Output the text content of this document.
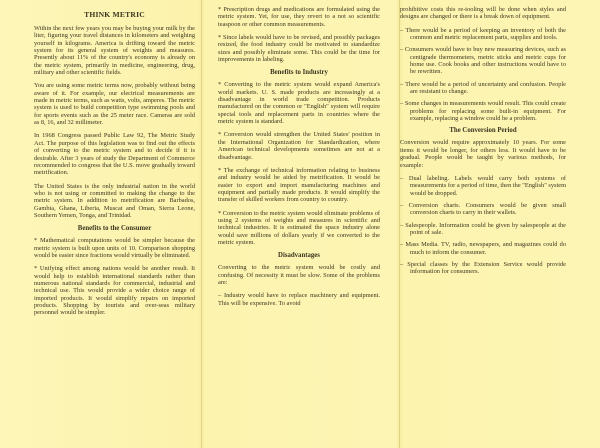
THINK METRIC

Within the next few years you may be buying your milk by the liter, figuring your travel distances in kilometers and weighing yourself in kilograms. America is drifting toward the metric system for its general system of weights and measures. Presently about 11% of the country's economy is already on the metric system, primarily in medicine, engineering, drug, military and other scientific fields.

You are using some metric terms now, probably without being aware of it. For example, our electrical measurements are made in metric terms, such as watts, volts, amperes. The metric system is used to build competition type swimming pools and for sports events such as the 25 meter race. Cameras are sold as 8, 16, and 32 millimeter.

In 1968 Congress passed Public Law 92, The Metric Study Act. The purpose of this legislation was to find out the effects of converting to the metric system and to decide if it is desirable. After 3 years of study the Department of Commerce recommended to congress that the U.S. move gradually toward metrification.

The United States is the only industrial nation in the world who is not using or committed to making the change to the metric system. In addition to metrification are Barbados, Gambia, Ghana, Liberia, Muscat and Oman, Sierra Leone, Southern Yemen, Tonga, and Trinidad.

Benefits to the Consumer

* Mathematical computations would be simpler because the metric system is built upon units of 10. Comparison shopping would be easier since fractions would virtually be eliminated.

* Unifying effect among nations would be another result. It would help to establish international standards rather than numerous national standards for commercial, industrial and technical use. This would provide a wider choice range of imported products. It would simplify repairs on imported products. Shopping by tourists and over-seas military personnel would be simpler.

* Prescription drugs and medications are formulated using the metric system. Yet, for use, they revert to a not so scientific teaspoon or other common measurements.

* Since labels would have to be revised, and possibly packages resized, the food industry could be motivated to standardize sizes and possibly eliminate some. This could be the time for improvements in labeling.

Benefits to Industry

* Converting to the metric system would expand America's world markets. U. S. made products are increasingly at a disadvantage in world trade competition. Products manufactured on the common or "English" system will require special tools and replacement parts in countries where the metric system is standard.

* Conversion would strengthen the United States' position in the International Organization for Standardization, where American technical developments sometimes are not at a disadvantage.

* The exchange of technical information relating to business and industry would be aided by metrification. It would be easier to export and import manufacturing machines and equipment and partially made products. It would simplify the transfer of skilled workers from country to country.

* Conversion to the metric system would eliminate problems of using 2 systems of weights and measures in scientific and technical industries. It is estimated the space industry alone would save millions of dollars yearly if we converted to the metric system.

Disadvantages

Converting to the metric system would be costly and confusing. Of necessity it must be slow. Some of the problems are:

– Industry would have to replace machinery and equipment. This will be expensive. To avoid

prohibitive costs this re-tooling will be done when styles and designs are changed or there is a break down of equipment.

– There would be a period of keeping an inventory of both the common and metric replacement parts, supplies and tools.

– Consumers would have to buy new measuring devices, such as centigrade thermometers, metric sticks and metric cups for home use. Cook books and other instructions would have to be rewritten.

– There would be a period of uncertainty and confusion. People are resistant to change.

– Some changes in measurements would result. This could create problems for replacing some built-in equipment. For example, replacing a window could be a problem.

The Conversion Period

Conversion would require approximately 10 years. For some items it would be longer, for others less. It would have to be gradual. People would be taught by various methods, for example:

– Dual labeling. Labels would carry both systems of measurements for a period of time, then the "English" system would be dropped.

– Conversion charts. Consumers would be given small conversion charts to carry in their wallets.

– Salespeople. Information could be given by salespeople at the point of sale.

– Mass Media. TV, radio, newspapers, and magazines could do much to inform the consumer.

– Special classes by the Extension Service would provide information for consumers.
